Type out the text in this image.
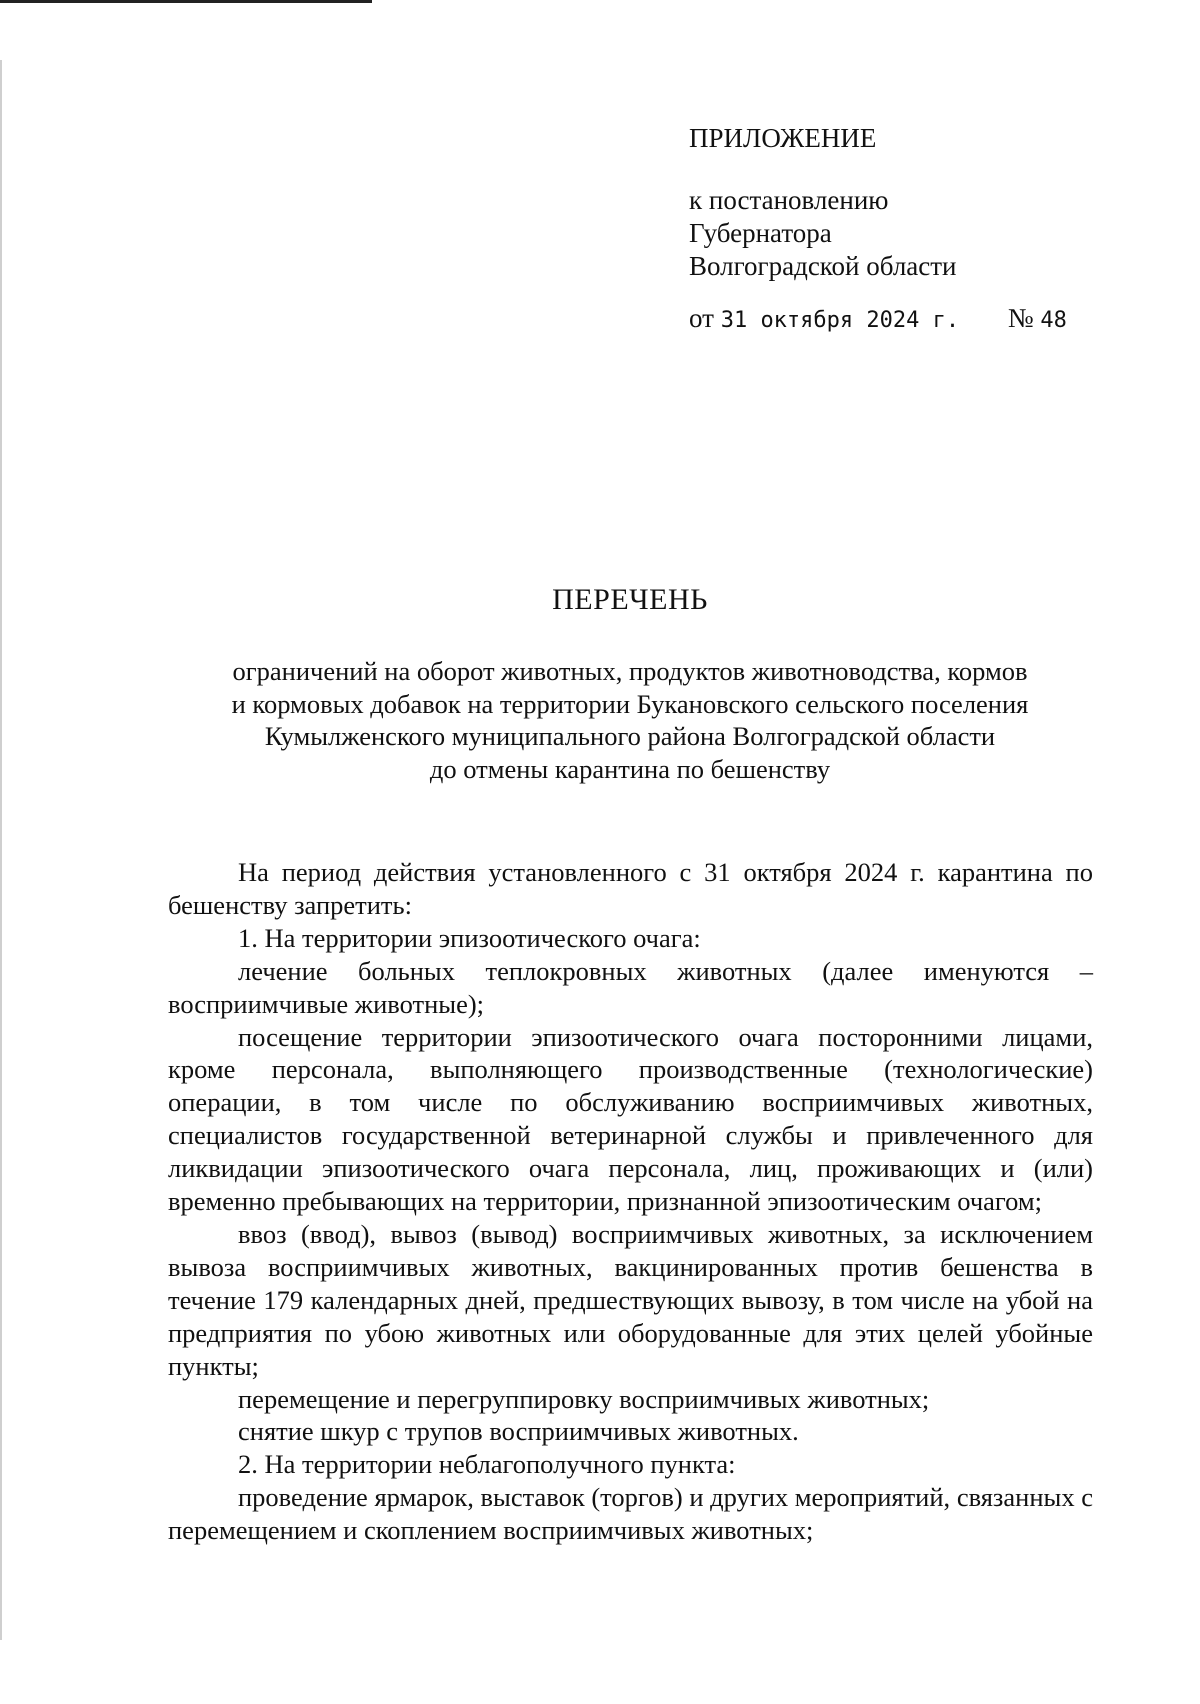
ПРИЛОЖЕНИЕ
к постановлению
Губернатора
Волгоградской области
от 31 октября 2024 г. № 48
ПЕРЕЧЕНЬ
ограничений на оборот животных, продуктов животноводства, кормов
и кормовых добавок на территории Букановского сельского поселения
Кумылженского муниципального района Волгоградской области
до отмены карантина по бешенству

На период действия установленного с 31 октября 2024 г. карантина по бешенству запретить:

1. На территории эпизоотического очага:

лечение больных теплокровных животных (далее именуются – восприимчивые животные);

посещение территории эпизоотического очага посторонними лицами, кроме персонала, выполняющего производственные (технологические) операции, в том числе по обслуживанию восприимчивых животных, специалистов государственной ветеринарной службы и привлеченного для ликвидации эпизоотического очага персонала, лиц, проживающих и (или) временно пребывающих на территории, признанной эпизоотическим очагом;

ввоз (ввод), вывоз (вывод) восприимчивых животных, за исключением вывоза восприимчивых животных, вакцинированных против бешенства в течение 179 календарных дней, предшествующих вывозу, в том числе на убой на предприятия по убою животных или оборудованные для этих целей убойные пункты;

перемещение и перегруппировку восприимчивых животных;

снятие шкур с трупов восприимчивых животных.

2. На территории неблагополучного пункта:

проведение ярмарок, выставок (торгов) и других мероприятий, связанных с перемещением и скоплением восприимчивых животных;
